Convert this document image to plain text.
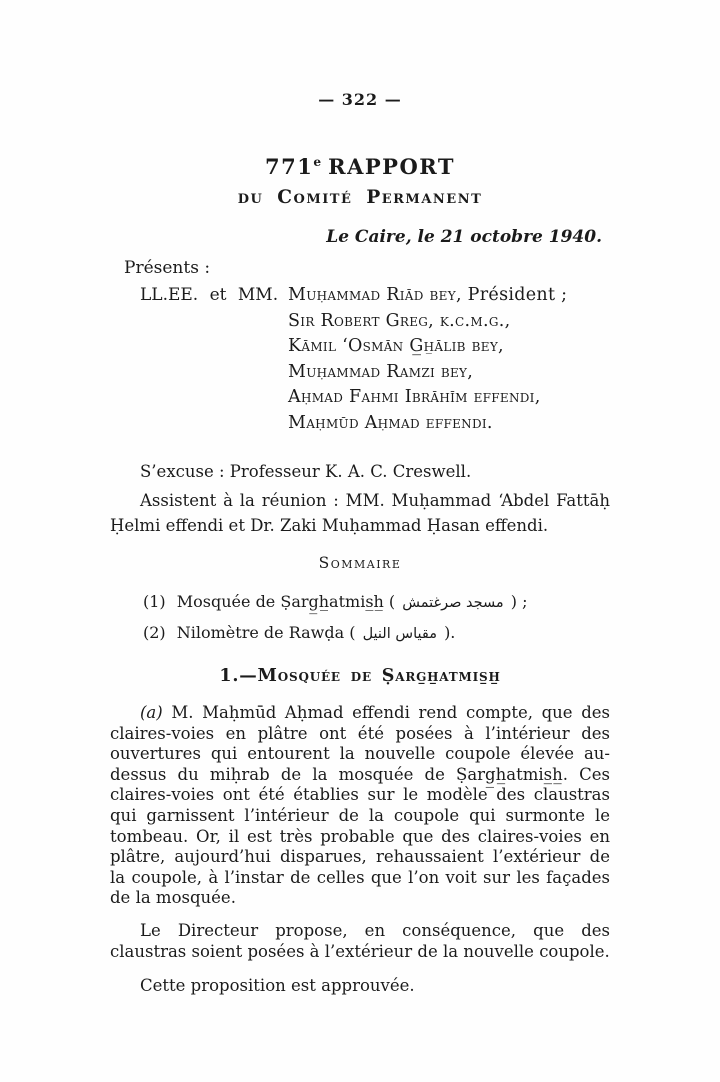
— 322 —
771e RAPPORT
du Comité Permanent
Le Caire, le 21 octobre 1940.
Présents :
LL.EE. et MM. Muḥammad Riād bey, Président ;
Sir Robert Greg, k.c.m.g.,
Kāmil ‘Osmān G̲h̲ālib bey,
Muḥammad Ramzi bey,
Aḥmad Fahmi Ibrāhīm effendi,
Maḥmūd Aḥmad effendi.

S’excuse : Professeur K. A. C. Creswell.

Assistent à la réunion : MM. Muḥammad ‘Abdel Fattāḥ Ḥelmi effendi et Dr. Zaki Muḥammad Ḥasan effendi.

Sommaire
(1) Mosquée de Ṣarg̲h̲atmis̲h̲ ( مسجد صرغتمش ) ;
(2) Nilomètre de Rawḍa ( مقياس النيل ).
1.—Mosquée de Ṣarg̲h̲atmis̲h̲

(a) M. Maḥmūd Aḥmad effendi rend compte, que des claires-voies en plâtre ont été posées à l’intérieur des ouvertures qui entourent la nouvelle coupole élevée au-dessus du miḥrab de la mosquée de Ṣarg̲h̲atmis̲h̲. Ces claires-voies ont été établies sur le modèle des claustras qui garnissent l’intérieur de la coupole qui surmonte le tombeau. Or, il est très probable que des claires-voies en plâtre, aujourd’hui disparues, rehaussaient l’extérieur de la coupole, à l’instar de celles que l’on voit sur les façades de la mosquée.

Le Directeur propose, en conséquence, que des claustras soient posées à l’extérieur de la nouvelle coupole.

Cette proposition est approuvée.
